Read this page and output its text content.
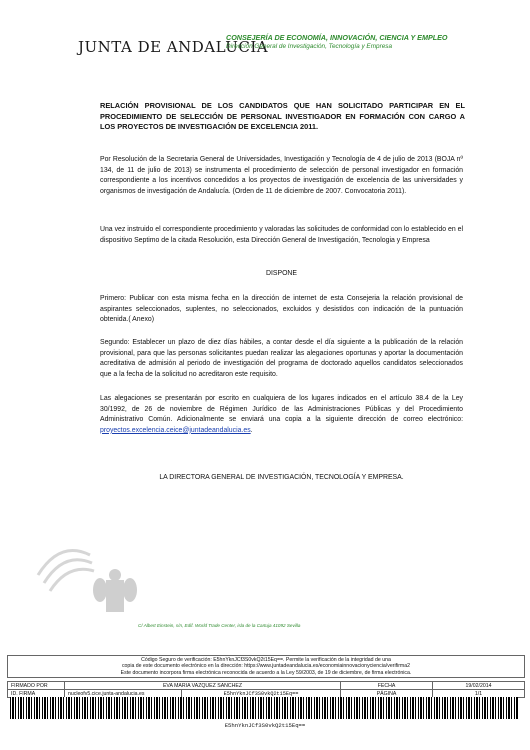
JUNTA DE ANDALUCIA
CONSEJERÍA DE ECONOMÍA, INNOVACIÓN, CIENCIA Y EMPLEO
Dirección General de Investigación, Tecnología y Empresa
RELACIÓN PROVISIONAL DE LOS CANDIDATOS QUE HAN SOLICITADO PARTICIPAR EN EL PROCEDIMIENTO DE SELECCIÓN DE PERSONAL INVESTIGADOR EN FORMACIÓN CON CARGO A LOS PROYECTOS DE INVESTIGACIÓN DE EXCELENCIA 2011.
Por Resolución de la Secretaria General de Universidades, Investigación y Tecnología de 4 de julio de 2013 (BOJA nº 134, de 11 de julio de 2013) se instrumenta el procedimiento de selección de personal investigador en formación correspondiente a los incentivos concedidos a los proyectos de investigación de excelencia de las universidades y organismos de investigación de Andalucía. (Orden de 11 de diciembre de 2007. Convocatoria 2011).
Una vez instruido el correspondiente procedimiento y valoradas las solicitudes de conformidad con lo establecido en el dispositivo Septimo de la citada Resolución, esta Dirección General de Investigación, Tecnologia y Empresa
DISPONE
Primero: Publicar con esta misma fecha en la dirección de internet de esta Consejeria la relación provisional de aspirantes seleccionados, suplentes, no seleccionados, excluidos y desistidos con indicación de la puntuación obtenida.( Anexo)
Segundo: Establecer un plazo de diez días hábiles, a contar desde el día siguiente a la publicación de la relación provisional, para que las personas solicitantes puedan realizar las alegaciones oportunas y aportar la documentación acreditativa de admisión al periodo de investigación del programa de doctorado aquellos candidatos seleccionados que a la fecha de la solicitud no acreditaron este requisito.
Las alegaciones se presentarán por escrito en cualquiera de los lugares indicados en el artículo 38.4 de la Ley 30/1992, de 26 de noviembre de Régimen Jurídico de las Administraciones Públicas y del Procedimiento Administrativo Común. Adicionalmente se enviará una copia a la siguiente dirección de correo electrónico: proyectos.excelencia.ceice@juntadeandalucia.es.
LA DIRECTORA GENERAL DE INVESTIGACIÓN, TECNOLOGÍA Y EMPRESA.
C/ Albert Einstein, s/n, Edif. World Trade Center, isla de la Cartuja 41092 Sevilla
Código Seguro de verificación: E5hnYknJCf3S0vkQ2t15Eq==. Permite la verificación de la integridad de una
copia de este documento electrónico en la dirección: https://www.juntadeandalucia.es/economiainnovacionyciencia/verifirma2
Este documento incorpora firma electrónica reconocida de acuerdo a la Ley 59/2003, de 19 de diciembre, de firma electrónica.
FIRMADO POR	EVA MARIA VAZQUEZ SANCHEZ		FECHA	19/02/2014
ID. FIRMA	nucleofv5.cice.junta-andalucia.es	E5hnYknJCf3S0vkQ2t15Eq==	PÁGINA	1/1
E5hnYknJCf3S0vkQ2t15Eq==
